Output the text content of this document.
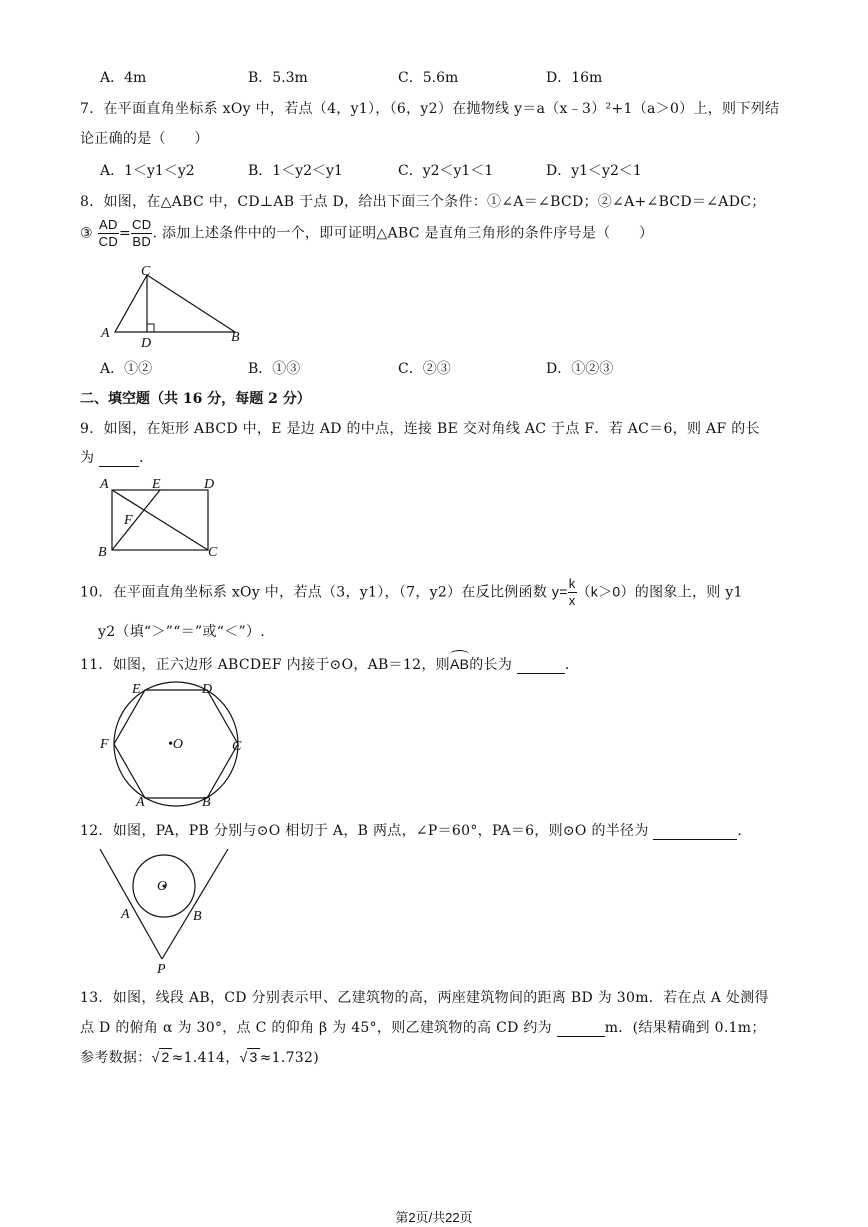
A．4m	B．5.3m	C．5.6m	D．16m
7．在平面直角坐标系 xOy 中，若点（4，y1），（6，y2）在抛物线 y＝a（x﹣3）²+1（a＞0）上，则下列结
论正确的是（　　）
A．1＜y1＜y2	B．1＜y2＜y1	C．y2＜y1＜1	D．y1＜y2＜1
8．如图，在△ABC 中，CD⊥AB 于点 D，给出下面三个条件：①∠A＝∠BCD；②∠A+∠BCD＝∠ADC；
③ $\frac{AD}{CD} = \frac{CD}{BD}$ . 添加上述条件中的一个，即可证明△ABC 是直角三角形的条件序号是（　　）
C
A
D	B
A．①②	B．①③	C．②③	D．①②③
二、填空题（共 16 分，每题 2 分）
9．如图，在矩形 ABCD 中，E 是边 AD 的中点，连接 BE 交对角线 AC 于点 F．若 AC＝6，则 AF 的长
为	．
A	E	D
F
B	C
10．在平面直角坐标系 xOy 中，若点（3，y1），（7，y2）在反比例函数 $y= \frac{k}{x} (k>0)$的图象上，则 y1
y2（填“＞”“＝”或“＜”）.
11．如图，正六边形 ABCDEF 内接于⊙O，AB＝12，则AB的长为	．
E	D
F	•O	C
A	B
12．如图，PA，PB 分别与⊙O 相切于 A，B 两点，∠P＝60°，PA＝6，则⊙O 的半径为	．
O
A	B
P
13．如图，线段 AB，CD 分别表示甲、乙建筑物的高，两座建筑物间的距离 BD 为 30m．若在点 A 处测得
点 D 的俯角 α 为 30°，点 C 的仰角 β 为 45°，则乙建筑物的高 CD 约为	m．(结果精确到 0.1m；
参考数据：√ 2 ≈1.414，√ 3 ≈1.732)
第2页/共22页
